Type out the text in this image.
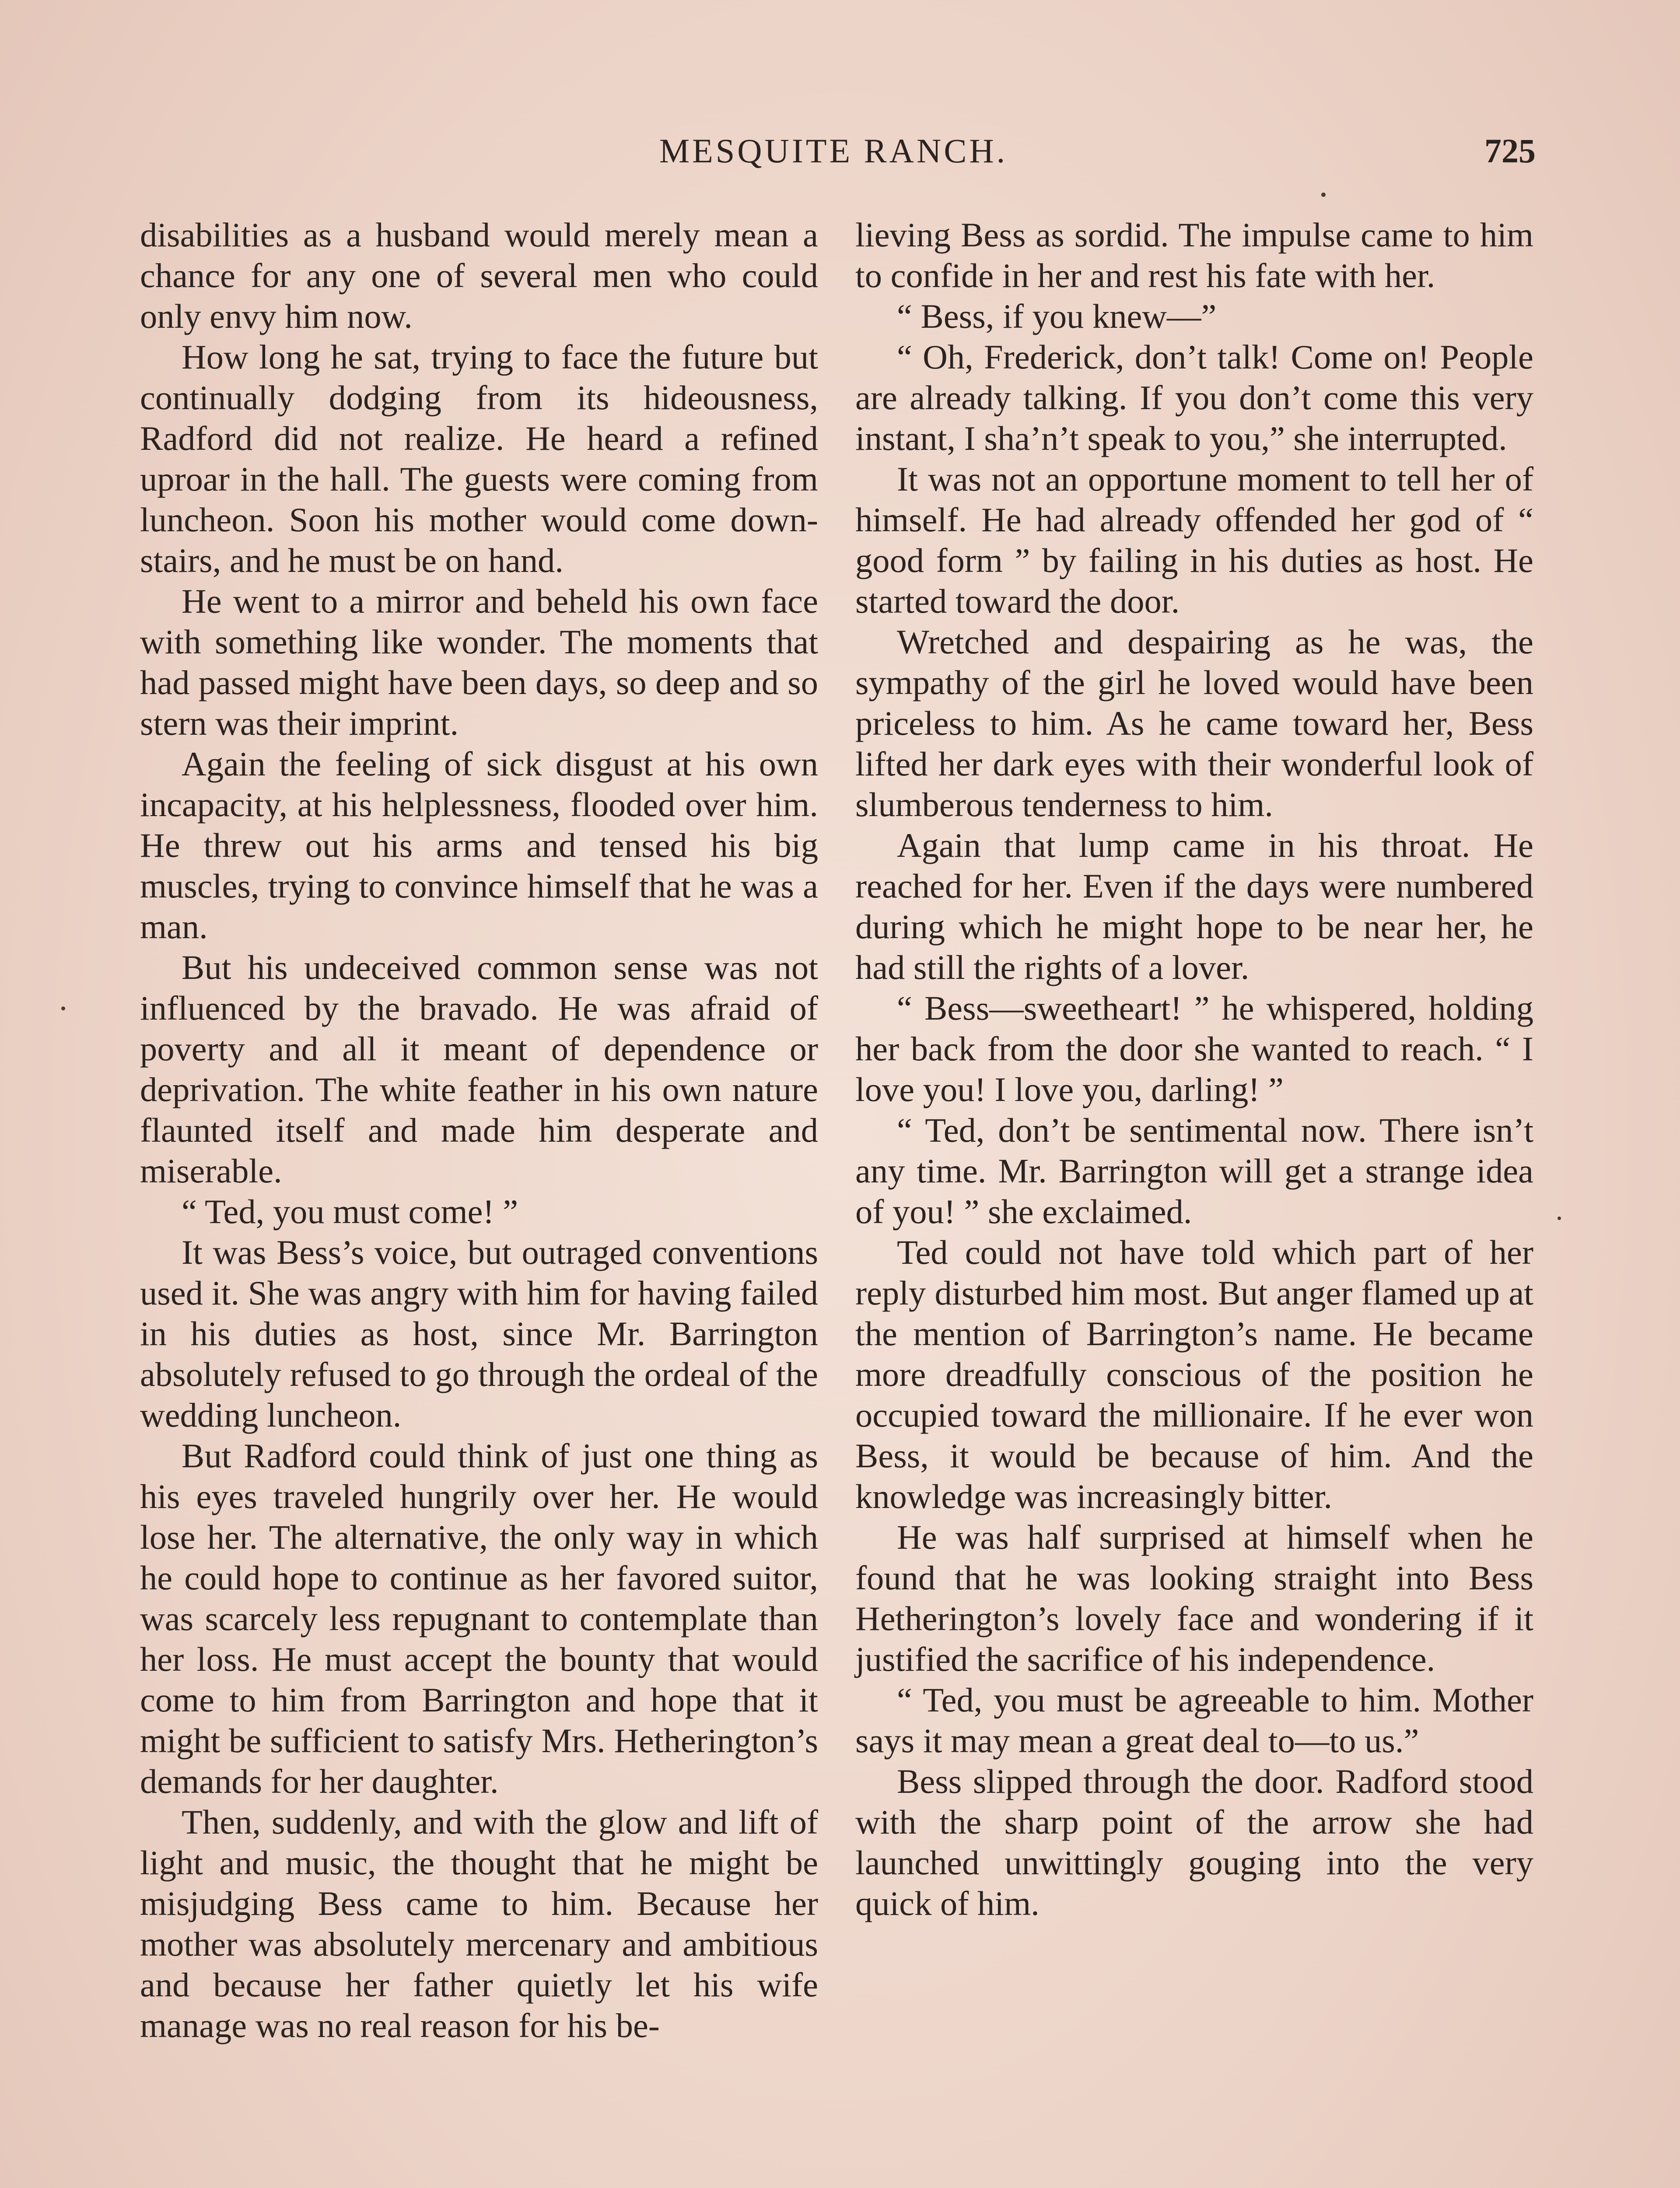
MESQUITE RANCH.	725

disabilities as a husband would merely mean a chance for any one of several men who could only envy him now.

How long he sat, trying to face the future but continually dodging from its hideousness, Radford did not realize. He heard a refined uproar in the hall. The guests were coming from luncheon. Soon his mother would come down-stairs, and he must be on hand.

He went to a mirror and beheld his own face with something like wonder. The moments that had passed might have been days, so deep and so stern was their imprint.

Again the feeling of sick disgust at his own incapacity, at his helplessness, flooded over him. He threw out his arms and tensed his big muscles, trying to convince himself that he was a man.

But his undeceived common sense was not influenced by the bravado. He was afraid of poverty and all it meant of dependence or deprivation. The white feather in his own nature flaunted itself and made him desperate and miserable.

“ Ted, you must come! ”

It was Bess’s voice, but outraged conventions used it. She was angry with him for having failed in his duties as host, since Mr. Barrington absolutely refused to go through the ordeal of the wedding luncheon.

But Radford could think of just one thing as his eyes traveled hungrily over her. He would lose her. The alternative, the only way in which he could hope to continue as her favored suitor, was scarcely less repugnant to contemplate than her loss. He must accept the bounty that would come to him from Barrington and hope that it might be sufficient to satisfy Mrs. Hetherington’s demands for her daughter.

Then, suddenly, and with the glow and lift of light and music, the thought that he might be misjudging Bess came to him. Because her mother was absolutely mercenary and ambitious and because her father quietly let his wife manage was no real reason for his be-

lieving Bess as sordid. The impulse came to him to confide in her and rest his fate with her.

“ Bess, if you knew—”

“ Oh, Frederick, don’t talk! Come on! People are already talking. If you don’t come this very instant, I sha’n’t speak to you,” she interrupted.

It was not an opportune moment to tell her of himself. He had already offended her god of “ good form ” by failing in his duties as host. He started toward the door.

Wretched and despairing as he was, the sympathy of the girl he loved would have been priceless to him. As he came toward her, Bess lifted her dark eyes with their wonderful look of slumberous tenderness to him.

Again that lump came in his throat. He reached for her. Even if the days were numbered during which he might hope to be near her, he had still the rights of a lover.

“ Bess—sweetheart! ” he whispered, holding her back from the door she wanted to reach. “ I love you! I love you, darling! ”

“ Ted, don’t be sentimental now. There isn’t any time. Mr. Barrington will get a strange idea of you! ” she exclaimed.

Ted could not have told which part of her reply disturbed him most. But anger flamed up at the mention of Barrington’s name. He became more dreadfully conscious of the position he occupied toward the millionaire. If he ever won Bess, it would be because of him. And the knowledge was increasingly bitter.

He was half surprised at himself when he found that he was looking straight into Bess Hetherington’s lovely face and wondering if it justified the sacrifice of his independence.

“ Ted, you must be agreeable to him. Mother says it may mean a great deal to—to us.”

Bess slipped through the door. Radford stood with the sharp point of the arrow she had launched unwittingly gouging into the very quick of him.
